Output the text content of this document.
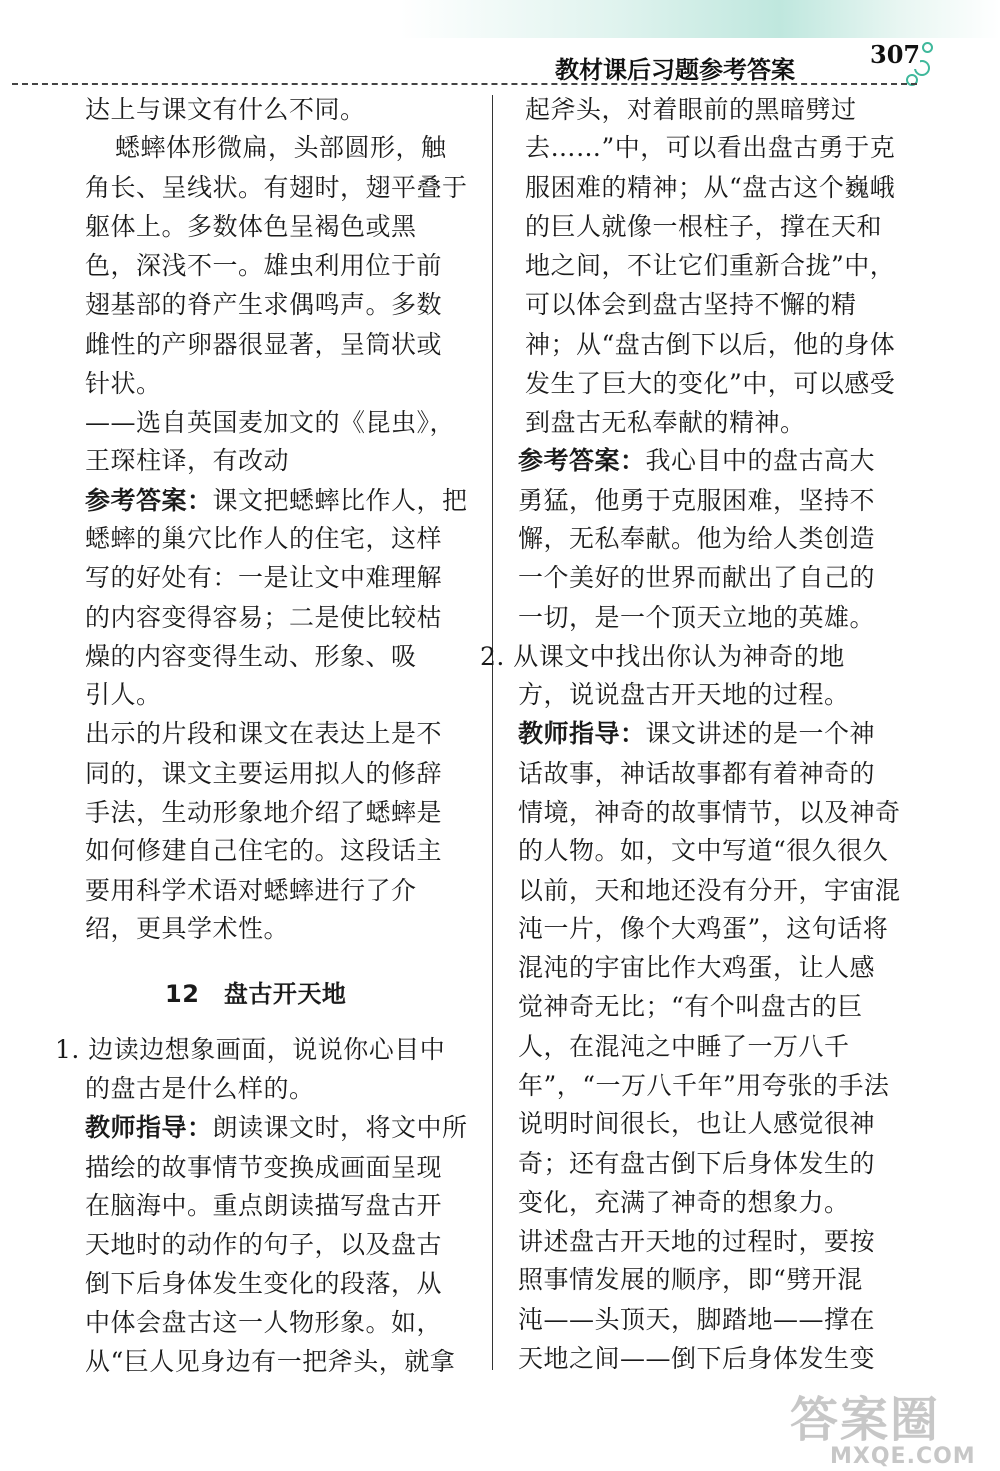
教材课后习题参考答案
307
达上与课文有什么不同。
蟋蟀体形微扁，头部圆形，触
角长、呈线状。有翅时，翅平叠于
躯体上。多数体色呈褐色或黑
色，深浅不一。雄虫利用位于前
翅基部的脊产生求偶鸣声。多数
雌性的产卵器很显著，呈筒状或
针状。
——选自英国麦加文的《昆虫》，
王琛柱译，有改动
参考答案：课文把蟋蟀比作人，把
蟋蟀的巢穴比作人的住宅，这样
写的好处有：一是让文中难理解
的内容变得容易；二是使比较枯
燥的内容变得生动、形象、吸
引人。
出示的片段和课文在表达上是不
同的，课文主要运用拟人的修辞
手法，生动形象地介绍了蟋蟀是
如何修建自己住宅的。这段话主
要用科学术语对蟋蟀进行了介
绍，更具学术性。
12　盘古开天地
1. 边读边想象画面，说说你心目中
的盘古是什么样的。
教师指导：朗读课文时，将文中所
描绘的故事情节变换成画面呈现
在脑海中。重点朗读描写盘古开
天地时的动作的句子，以及盘古
倒下后身体发生变化的段落，从
中体会盘古这一人物形象。如，
从“巨人见身边有一把斧头，就拿
起斧头，对着眼前的黑暗劈过
去……”中，可以看出盘古勇于克
服困难的精神；从“盘古这个巍峨
的巨人就像一根柱子，撑在天和
地之间，不让它们重新合拢”中，
可以体会到盘古坚持不懈的精
神；从“盘古倒下以后，他的身体
发生了巨大的变化”中，可以感受
到盘古无私奉献的精神。
参考答案：我心目中的盘古高大
勇猛，他勇于克服困难，坚持不
懈，无私奉献。他为给人类创造
一个美好的世界而献出了自己的
一切，是一个顶天立地的英雄。
2. 从课文中找出你认为神奇的地
方，说说盘古开天地的过程。
教师指导：课文讲述的是一个神
话故事，神话故事都有着神奇的
情境，神奇的故事情节，以及神奇
的人物。如，文中写道“很久很久
以前，天和地还没有分开，宇宙混
沌一片，像个大鸡蛋”，这句话将
混沌的宇宙比作大鸡蛋，让人感
觉神奇无比；“有个叫盘古的巨
人，在混沌之中睡了一万八千
年”，“一万八千年”用夸张的手法
说明时间很长，也让人感觉很神
奇；还有盘古倒下后身体发生的
变化，充满了神奇的想象力。
讲述盘古开天地的过程时，要按
照事情发展的顺序，即“劈开混
沌——头顶天，脚踏地——撑在
天地之间——倒下后身体发生变
答案圈
MXQE.COM
